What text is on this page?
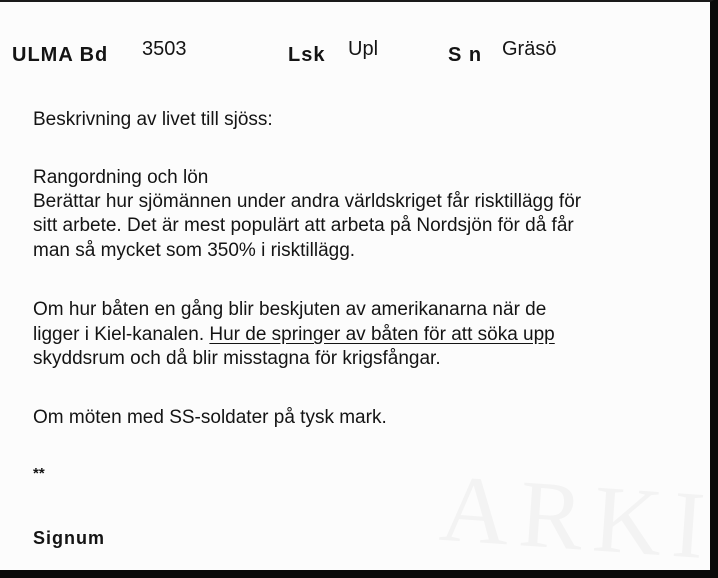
ULMA Bd 3503	Lsk Upl	S n Gräsö
Beskrivning av livet till sjöss:
Rangordning och lön
Berättar hur sjömännen under andra världskriget får risktillägg för
sitt arbete. Det är mest populärt att arbeta på Nordsjön för då får
man så mycket som 350% i risktillägg.
Om hur båten en gång blir beskjuten av amerikanarna när de
ligger i Kiel-kanalen. Hur de springer av båten för att söka upp
skyddsrum och då blir misstagna för krigsfångar.
Om möten med SS-soldater på tysk mark.
**
Signum
